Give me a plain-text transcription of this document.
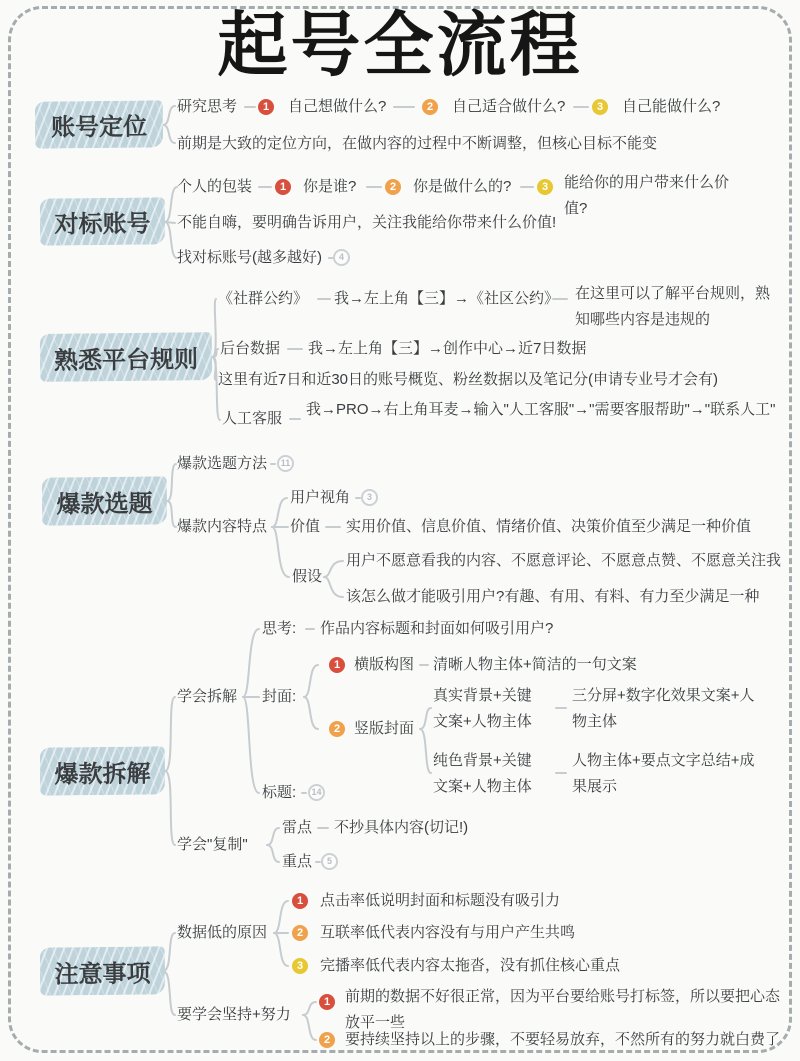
起号全流程
账号定位
研究思考	1	自己想做什么?	2	自己适合做什么?	3	自己能做什么?
前期是大致的定位方向，在做内容的过程中不断调整，但核心目标不能变
对标账号
个人的包装	1	你是谁?	2	你是做什么的?	3	能给你的用户带来什么价值?
不能自嗨，要明确告诉用户，关注我能给你带来什么价值!
找对标账号(越多越好)	4
熟悉平台规则
《社群公约》 我→左上角【三】→《社区公约》 在这里可以了解平台规则，熟知哪些内容是违规的
后台数据 我→左上角【三】→创作中心→近7日数据
这里有近7日和近30日的账号概览、粉丝数据以及笔记分(申请专业号才会有)
人工客服
我→PRO→右上角耳麦→输入"人工客服"→"需要客服帮助"→"联系人工"
爆款选题
爆款选题方法	11
用户视角	3
爆款内容特点 价值 实用价值、信息价值、情绪价值、决策价值至少满足一种价值
假设
用户不愿意看我的内容、不愿意评论、不愿意点赞、不愿意关注我
该怎么做才能吸引用户?有趣、有用、有料、有力至少满足一种
爆款拆解
思考: 作品内容标题和封面如何吸引用户?
1 横版构图 清晰人物主体+简洁的一句文案
学会拆解 封面:
2 竖版封面
真实背景+关键文案+人物主体
三分屏+数字化效果文案+人物主体
纯色背景+关键文案+人物主体
人物主体+要点文字总结+成果展示
标题:	14
学会"复制"
雷点 不抄具体内容(切记!)
重点	5
注意事项
数据低的原因
1	点击率低说明封面和标题没有吸引力
2	互联率低代表内容没有与用户产生共鸣
3	完播率低代表内容太拖沓，没有抓住核心重点
要学会坚持+努力
1 前期的数据不好很正常，因为平台要给账号打标签，所以要把心态放平一些
2 要持续坚持以上的步骤，不要轻易放弃，不然所有的努力就白费了
